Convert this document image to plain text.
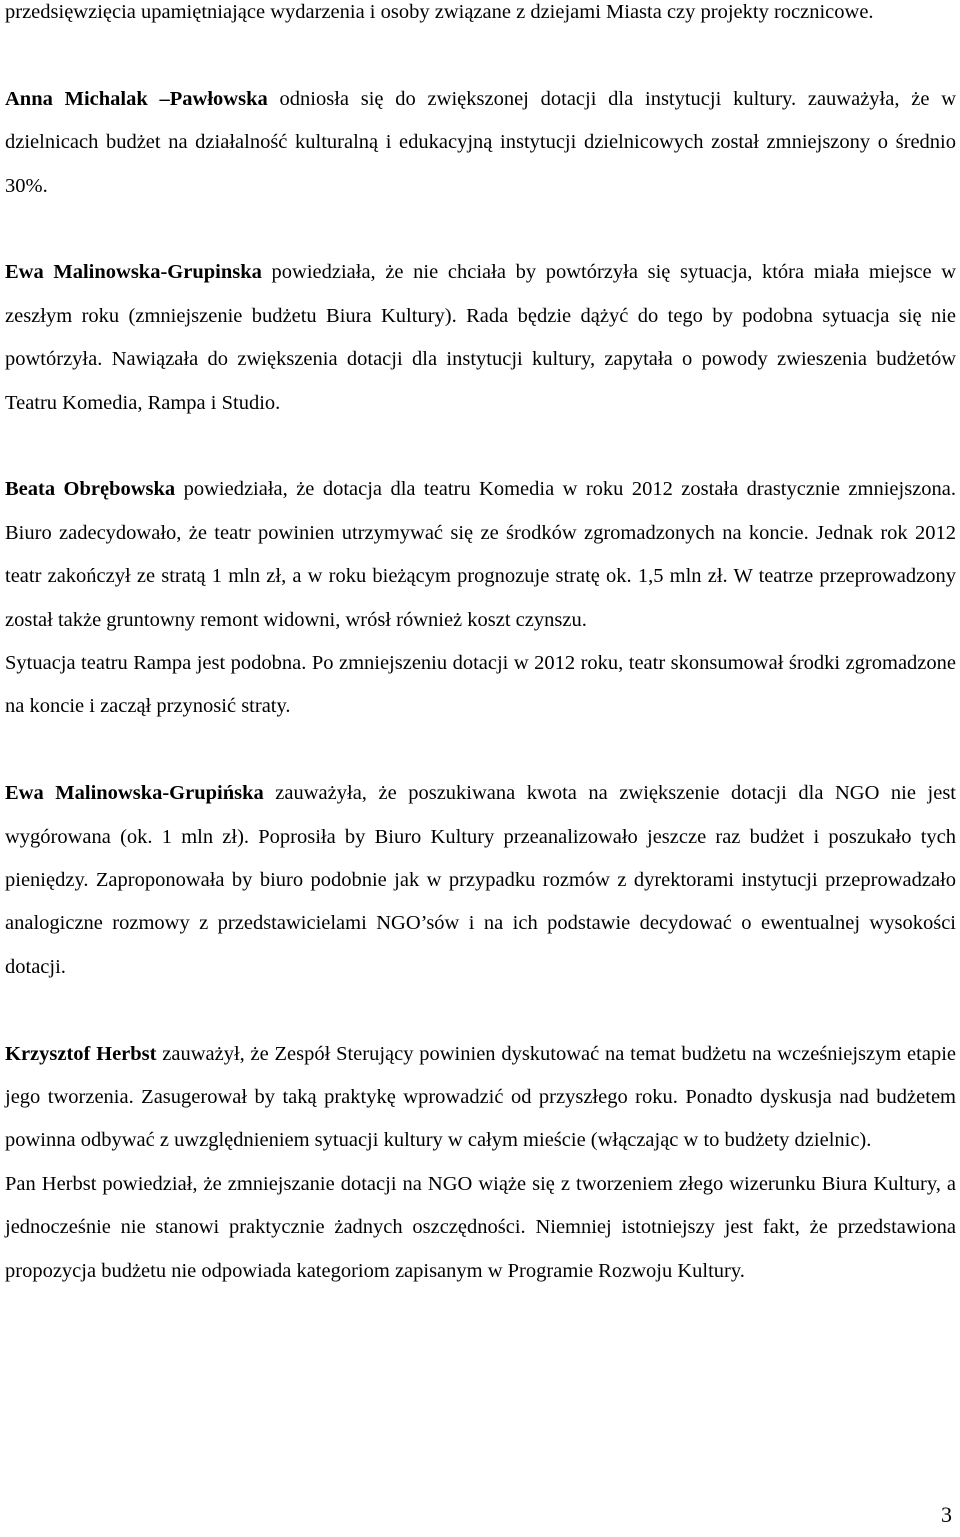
przedsięwzięcia upamiętniające wydarzenia i osoby związane z dziejami Miasta czy projekty rocznicowe.

Anna Michalak –Pawłowska odniosła się do zwiększonej dotacji dla instytucji kultury. zauważyła, że w dzielnicach budżet na działalność kulturalną i edukacyjną instytucji dzielnicowych został zmniejszony o średnio 30%.

Ewa Malinowska-Grupinska powiedziała, że nie chciała by powtórzyła się sytuacja, która miała miejsce w zeszłym roku (zmniejszenie budżetu Biura Kultury). Rada będzie dążyć do tego by podobna sytuacja się nie powtórzyła. Nawiązała do zwiększenia dotacji dla instytucji kultury, zapytała o powody zwieszenia budżetów Teatru Komedia, Rampa i Studio.

Beata Obrębowska powiedziała, że dotacja dla teatru Komedia w roku 2012 została drastycznie zmniejszona. Biuro zadecydowało, że teatr powinien utrzymywać się ze środków zgromadzonych na koncie. Jednak rok 2012 teatr zakończył ze stratą 1 mln zł, a w roku bieżącym prognozuje stratę ok. 1,5 mln zł. W teatrze przeprowadzony został także gruntowny remont widowni, wrósł również koszt czynszu.

Sytuacja teatru Rampa jest podobna. Po zmniejszeniu dotacji w 2012 roku, teatr skonsumował środki zgromadzone na koncie i zaczął przynosić straty.

Ewa Malinowska-Grupińska zauważyła, że poszukiwana kwota na zwiększenie dotacji dla NGO nie jest wygórowana (ok. 1 mln zł). Poprosiła by Biuro Kultury przeanalizowało jeszcze raz budżet i poszukało tych pieniędzy. Zaproponowała by biuro podobnie jak w przypadku rozmów z dyrektorami instytucji przeprowadzało analogiczne rozmowy z przedstawicielami NGO’sów i na ich podstawie decydować o ewentualnej wysokości dotacji.

Krzysztof Herbst zauważył, że Zespół Sterujący powinien dyskutować na temat budżetu na wcześniejszym etapie jego tworzenia. Zasugerował by taką praktykę wprowadzić od przyszłego roku. Ponadto dyskusja nad budżetem powinna odbywać z uwzględnieniem sytuacji kultury w całym mieście (włączając w to budżety dzielnic).

Pan Herbst powiedział, że zmniejszanie dotacji na NGO wiąże się z tworzeniem złego wizerunku Biura Kultury, a jednocześnie nie stanowi praktycznie żadnych oszczędności. Niemniej istotniejszy jest fakt, że przedstawiona propozycja budżetu nie odpowiada kategoriom zapisanym w Programie Rozwoju Kultury.

3
